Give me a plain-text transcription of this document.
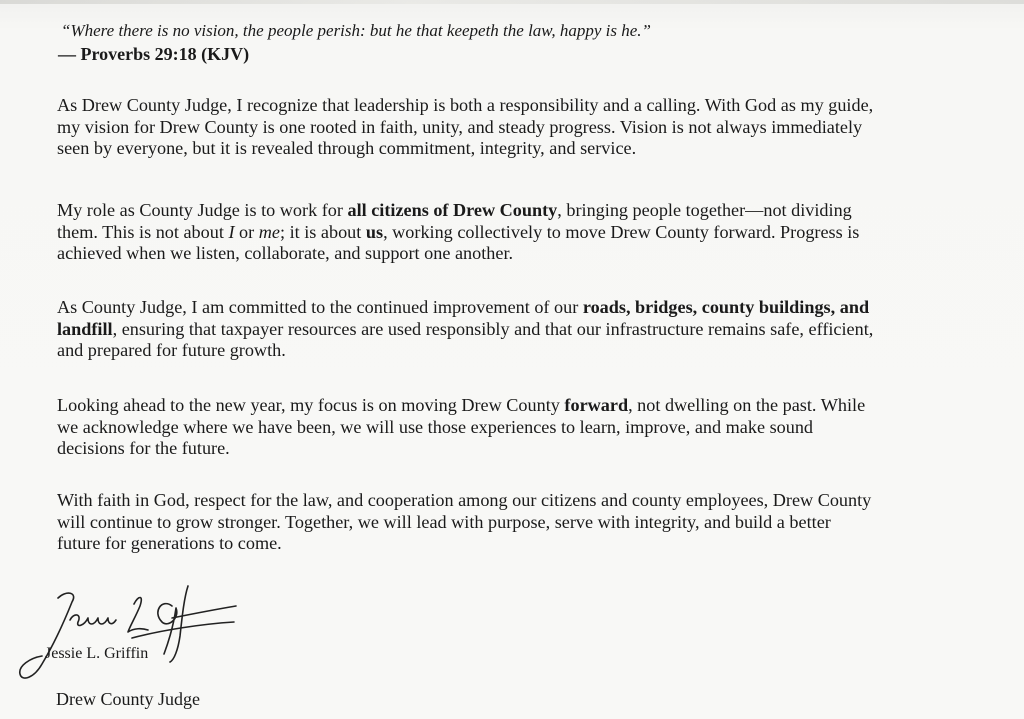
“Where there is no vision, the people perish: but he that keepeth the law, happy is he.”
— Proverbs 29:18 (KJV)
As Drew County Judge, I recognize that leadership is both a responsibility and a calling. With God as my guide,
my vision for Drew County is one rooted in faith, unity, and steady progress. Vision is not always immediately
seen by everyone, but it is revealed through commitment, integrity, and service.
My role as County Judge is to work for all citizens of Drew County, bringing people together—not dividing
them. This is not about I or me; it is about us, working collectively to move Drew County forward. Progress is
achieved when we listen, collaborate, and support one another.
As County Judge, I am committed to the continued improvement of our roads, bridges, county buildings, and
landfill, ensuring that taxpayer resources are used responsibly and that our infrastructure remains safe, efficient,
and prepared for future growth.
Looking ahead to the new year, my focus is on moving Drew County forward, not dwelling on the past. While
we acknowledge where we have been, we will use those experiences to learn, improve, and make sound
decisions for the future.
With faith in God, respect for the law, and cooperation among our citizens and county employees, Drew County
will continue to grow stronger. Together, we will lead with purpose, serve with integrity, and build a better
future for generations to come.
Jessie L. Griffin
Drew County Judge
